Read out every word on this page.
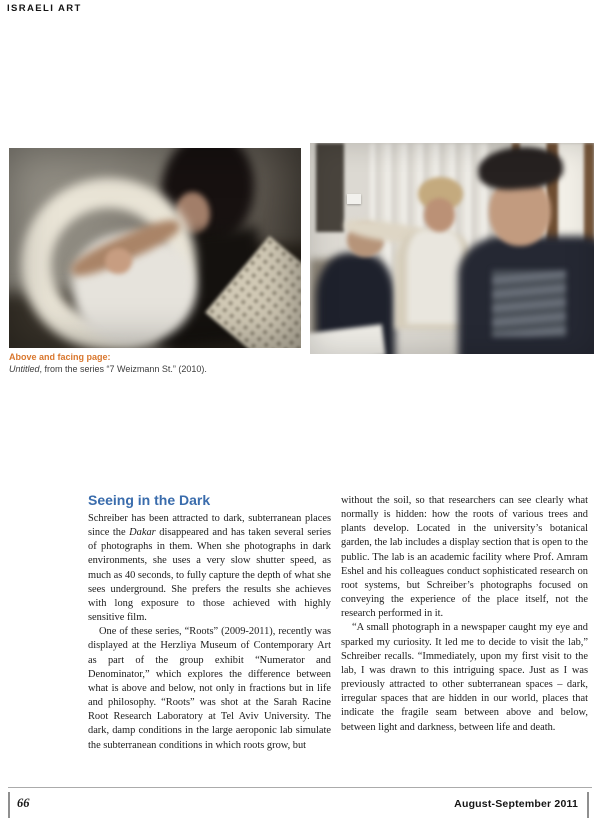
ISRAELI ART
Above and facing page:
Untitled, from the series “7 Weizmann St.” (2010).
Seeing in the Dark

Schreiber has been attracted to dark, subterranean places since the Dakar disappeared and has taken several series of photographs in them. When she photographs in dark environments, she uses a very slow shutter speed, as much as 40 seconds, to fully capture the depth of what she sees underground. She prefers the results she achieves with long exposure to those achieved with highly sensitive film.

One of these series, “Roots” (2009-2011), recently was displayed at the Herzliya Museum of Contemporary Art as part of the group exhibit “Numerator and Denominator,” which explores the difference between what is above and below, not only in fractions but in life and philosophy. “Roots” was shot at the Sarah Racine Root Research Laboratory at Tel Aviv University. The dark, damp conditions in the large aeroponic lab simulate the subterranean conditions in which roots grow, but

without the soil, so that researchers can see clearly what normally is hidden: how the roots of various trees and plants develop. Located in the university’s botanical garden, the lab includes a display section that is open to the public. The lab is an academic facility where Prof. Amram Eshel and his colleagues conduct sophisticated research on root systems, but Schreiber’s photographs focused on conveying the experience of the place itself, not the research performed in it.

“A small photograph in a newspaper caught my eye and sparked my curiosity. It led me to decide to visit the lab,” Schreiber recalls. “Immediately, upon my first visit to the lab, I was drawn to this intriguing space. Just as I was previously attracted to other subterranean spaces – dark, irregular spaces that are hidden in our world, places that indicate the fragile seam between above and below, between light and darkness, between life and death.

66	August-September 2011
